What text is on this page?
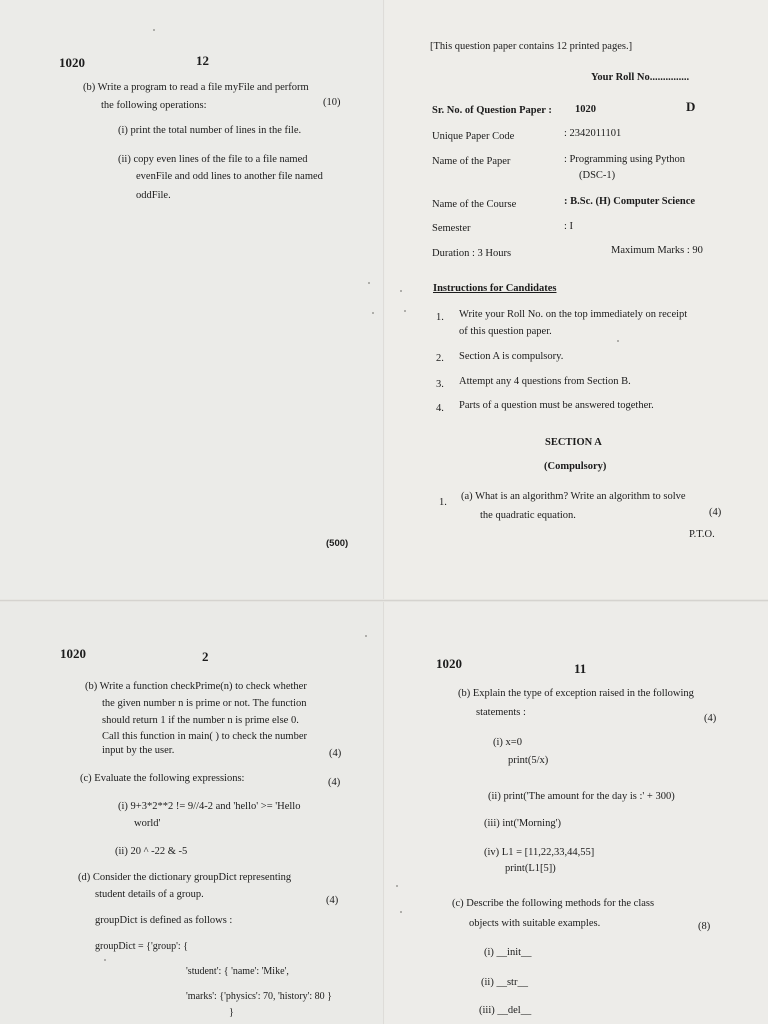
1020	12
(b) Write a program to read a file myFile and perform
the following operations:	(10)
(i) print the total number of lines in the file.
(ii) copy even lines of the file to a file named
evenFile and odd lines to another file named
oddFile.
(500)
[This question paper contains 12 printed pages.]
Your Roll No...............
Sr. No. of Question Paper : 1020	D
Unique Paper Code	: 2342011101
Name of the Paper	: Programming using Python
(DSC-1)
Name of the Course	: B.Sc. (H) Computer Science
Semester	: I
Duration : 3 Hours	Maximum Marks : 90
Instructions for Candidates
1. Write your Roll No. on the top immediately on receipt
of this question paper.
2. Section A is compulsory.
3. Attempt any 4 questions from Section B.
4. Parts of a question must be answered together.
SECTION A
(Compulsory)
1.
(a) What is an algorithm? Write an algorithm to solve
the quadratic equation.	(4)
P.T.O.
1020	2
(b) Write a function checkPrime(n) to check whether
the given number n is prime or not. The function
should return 1 if the number n is prime else 0.
Call this function in main( ) to check the number
input by the user.	(4)
(c) Evaluate the following expressions:	(4)
(i) 9+3*2**2 != 9//4-2 and 'hello' >= 'Hello
world'
(ii) 20 ^ -22 & -5
(d) Consider the dictionary groupDict representing
student details of a group.
(4)
groupDict is defined as follows :
groupDict = {'group': {
'student': { 'name': 'Mike',
'marks': {'physics': 70, 'history': 80 }
}
1020	11
(b) Explain the type of exception raised in the following
statements :
(4)
(i) x=0
print(5/x)
(ii) print('The amount for the day is :' + 300)
(iii) int('Morning')
(iv) L1 = [11,22,33,44,55]
print(L1[5])
(c) Describe the following methods for the class
objects with suitable examples.	(8)
(i) __init__
(ii) __str__
(iii) __del__
